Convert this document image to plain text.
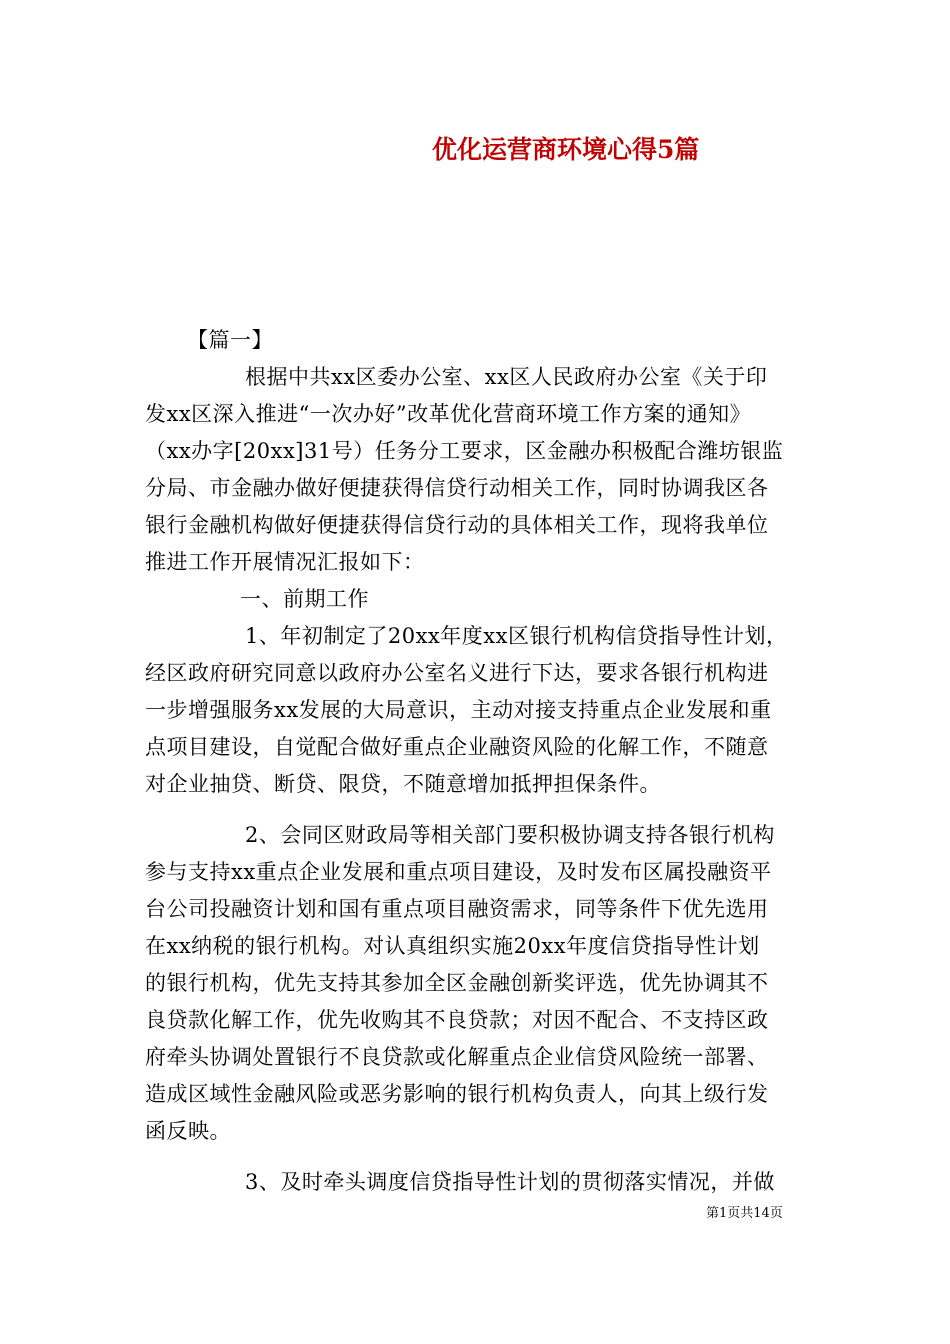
优化运营商环境心得5篇
【篇一】
根据中共xx区委办公室、xx区人民政府办公室《关于印
发xx区深入推进“一次办好”改革优化营商环境工作方案的通知》
（xx办字[20xx]31号）任务分工要求，区金融办积极配合潍坊银监
分局、市金融办做好便捷获得信贷行动相关工作，同时协调我区各
银行金融机构做好便捷获得信贷行动的具体相关工作，现将我单位
推进工作开展情况汇报如下：
一、前期工作
1、年初制定了20xx年度xx区银行机构信贷指导性计划，
经区政府研究同意以政府办公室名义进行下达，要求各银行机构进
一步增强服务xx发展的大局意识，主动对接支持重点企业发展和重
点项目建设，自觉配合做好重点企业融资风险的化解工作，不随意
对企业抽贷、断贷、限贷，不随意增加抵押担保条件。
2、会同区财政局等相关部门要积极协调支持各银行机构
参与支持xx重点企业发展和重点项目建设，及时发布区属投融资平
台公司投融资计划和国有重点项目融资需求，同等条件下优先选用
在xx纳税的银行机构。对认真组织实施20xx年度信贷指导性计划
的银行机构，优先支持其参加全区金融创新奖评选，优先协调其不
良贷款化解工作，优先收购其不良贷款；对因不配合、不支持区政
府牵头协调处置银行不良贷款或化解重点企业信贷风险统一部署、
造成区域性金融风险或恶劣影响的银行机构负责人，向其上级行发
函反映。
3、及时牵头调度信贷指导性计划的贯彻落实情况，并做
第1页共14页
